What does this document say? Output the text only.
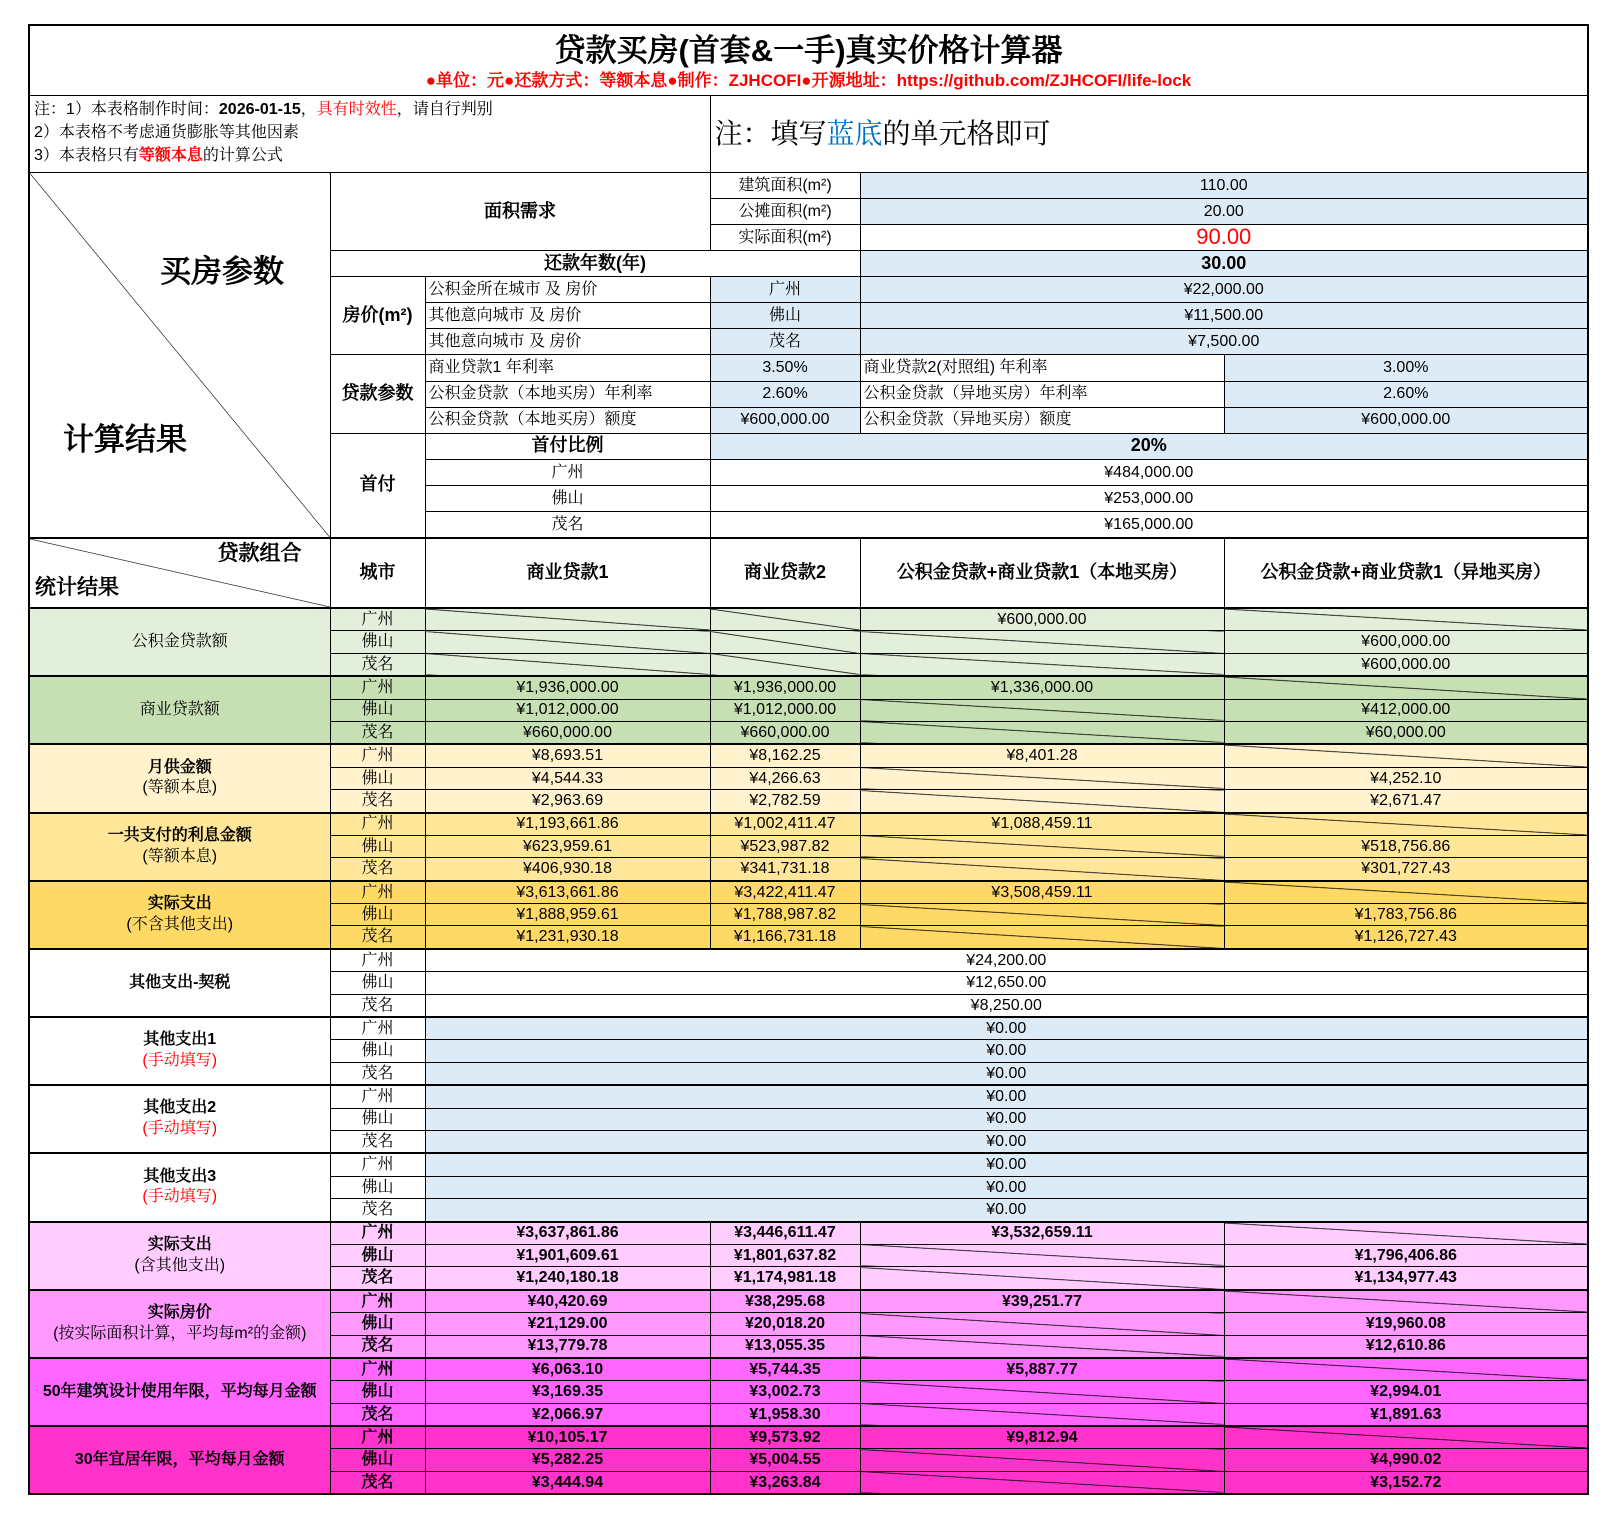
贷款买房(首套&一手)真实价格计算器
●单位：元●还款方式：等额本息●制作：ZJHCOFI●开源地址：https://github.com/ZJHCOFI/life-lock					

注：1）本表格制作时间：2026-01-15，具有时效性，请自行判别
2）本表格不考虑通货膨胀等其他因素
3）本表格只有等额本息的计算公式			注：填写蓝底的单元格即可		

买房参数
计算结果	面积需求		建筑面积(m²)	110.00	
			公摊面积(m²)	20.00	
			实际面积(m²)	90.00	
	还款年数(年)			30.00	
	房价(m²)	公积金所在城市 及 房价	广州	¥22,000.00	
		其他意向城市 及 房价	佛山	¥11,500.00	
		其他意向城市 及 房价	茂名	¥7,500.00	
	贷款参数	商业贷款1 年利率	3.50%	商业贷款2(对照组) 年利率	3.00%
		公积金贷款（本地买房）年利率	2.60%	公积金贷款（异地买房）年利率	2.60%
		公积金贷款（本地买房）额度	¥600,000.00	公积金贷款（异地买房）额度	¥600,000.00
	首付	首付比例	20%		
		广州	¥484,000.00		
		佛山	¥253,000.00		
		茂名	¥165,000.00		

贷款组合
统计结果	城市	商业贷款1	商业贷款2	公积金贷款+商业贷款1（本地买房）	公积金贷款+商业贷款1（异地买房）
公积金贷款额	广州			¥600,000.00	
	佛山				¥600,000.00
	茂名				¥600,000.00
商业贷款额	广州	¥1,936,000.00	¥1,936,000.00	¥1,336,000.00	
	佛山	¥1,012,000.00	¥1,012,000.00		¥412,000.00
	茂名	¥660,000.00	¥660,000.00		¥60,000.00
月供金额
(等额本息)	广州	¥8,693.51	¥8,162.25	¥8,401.28	
	佛山	¥4,544.33	¥4,266.63		¥4,252.10
	茂名	¥2,963.69	¥2,782.59		¥2,671.47
一共支付的利息金额
(等额本息)	广州	¥1,193,661.86	¥1,002,411.47	¥1,088,459.11	
	佛山	¥623,959.61	¥523,987.82		¥518,756.86
	茂名	¥406,930.18	¥341,731.18		¥301,727.43
实际支出
(不含其他支出)	广州	¥3,613,661.86	¥3,422,411.47	¥3,508,459.11	
	佛山	¥1,888,959.61	¥1,788,987.82		¥1,783,756.86
	茂名	¥1,231,930.18	¥1,166,731.18		¥1,126,727.43
其他支出-契税	广州	¥24,200.00			
	佛山	¥12,650.00			
	茂名	¥8,250.00			
其他支出1
(手动填写)	广州	¥0.00			
	佛山	¥0.00			
	茂名	¥0.00			
其他支出2
(手动填写)	广州	¥0.00			
	佛山	¥0.00			
	茂名	¥0.00			
其他支出3
(手动填写)	广州	¥0.00			
	佛山	¥0.00			
	茂名	¥0.00			
实际支出
(含其他支出)	广州	¥3,637,861.86	¥3,446,611.47	¥3,532,659.11	
	佛山	¥1,901,609.61	¥1,801,637.82		¥1,796,406.86
	茂名	¥1,240,180.18	¥1,174,981.18		¥1,134,977.43
实际房价
(按实际面积计算，平均每m²的金额)	广州	¥40,420.69	¥38,295.68	¥39,251.77	
	佛山	¥21,129.00	¥20,018.20		¥19,960.08
	茂名	¥13,779.78	¥13,055.35		¥12,610.86
50年建筑设计使用年限，平均每月金额	广州	¥6,063.10	¥5,744.35	¥5,887.77	
	佛山	¥3,169.35	¥3,002.73		¥2,994.01
	茂名	¥2,066.97	¥1,958.30		¥1,891.63
30年宜居年限，平均每月金额	广州	¥10,105.17	¥9,573.92	¥9,812.94	
	佛山	¥5,282.25	¥5,004.55		¥4,990.02
	茂名	¥3,444.94	¥3,263.84		¥3,152.72
